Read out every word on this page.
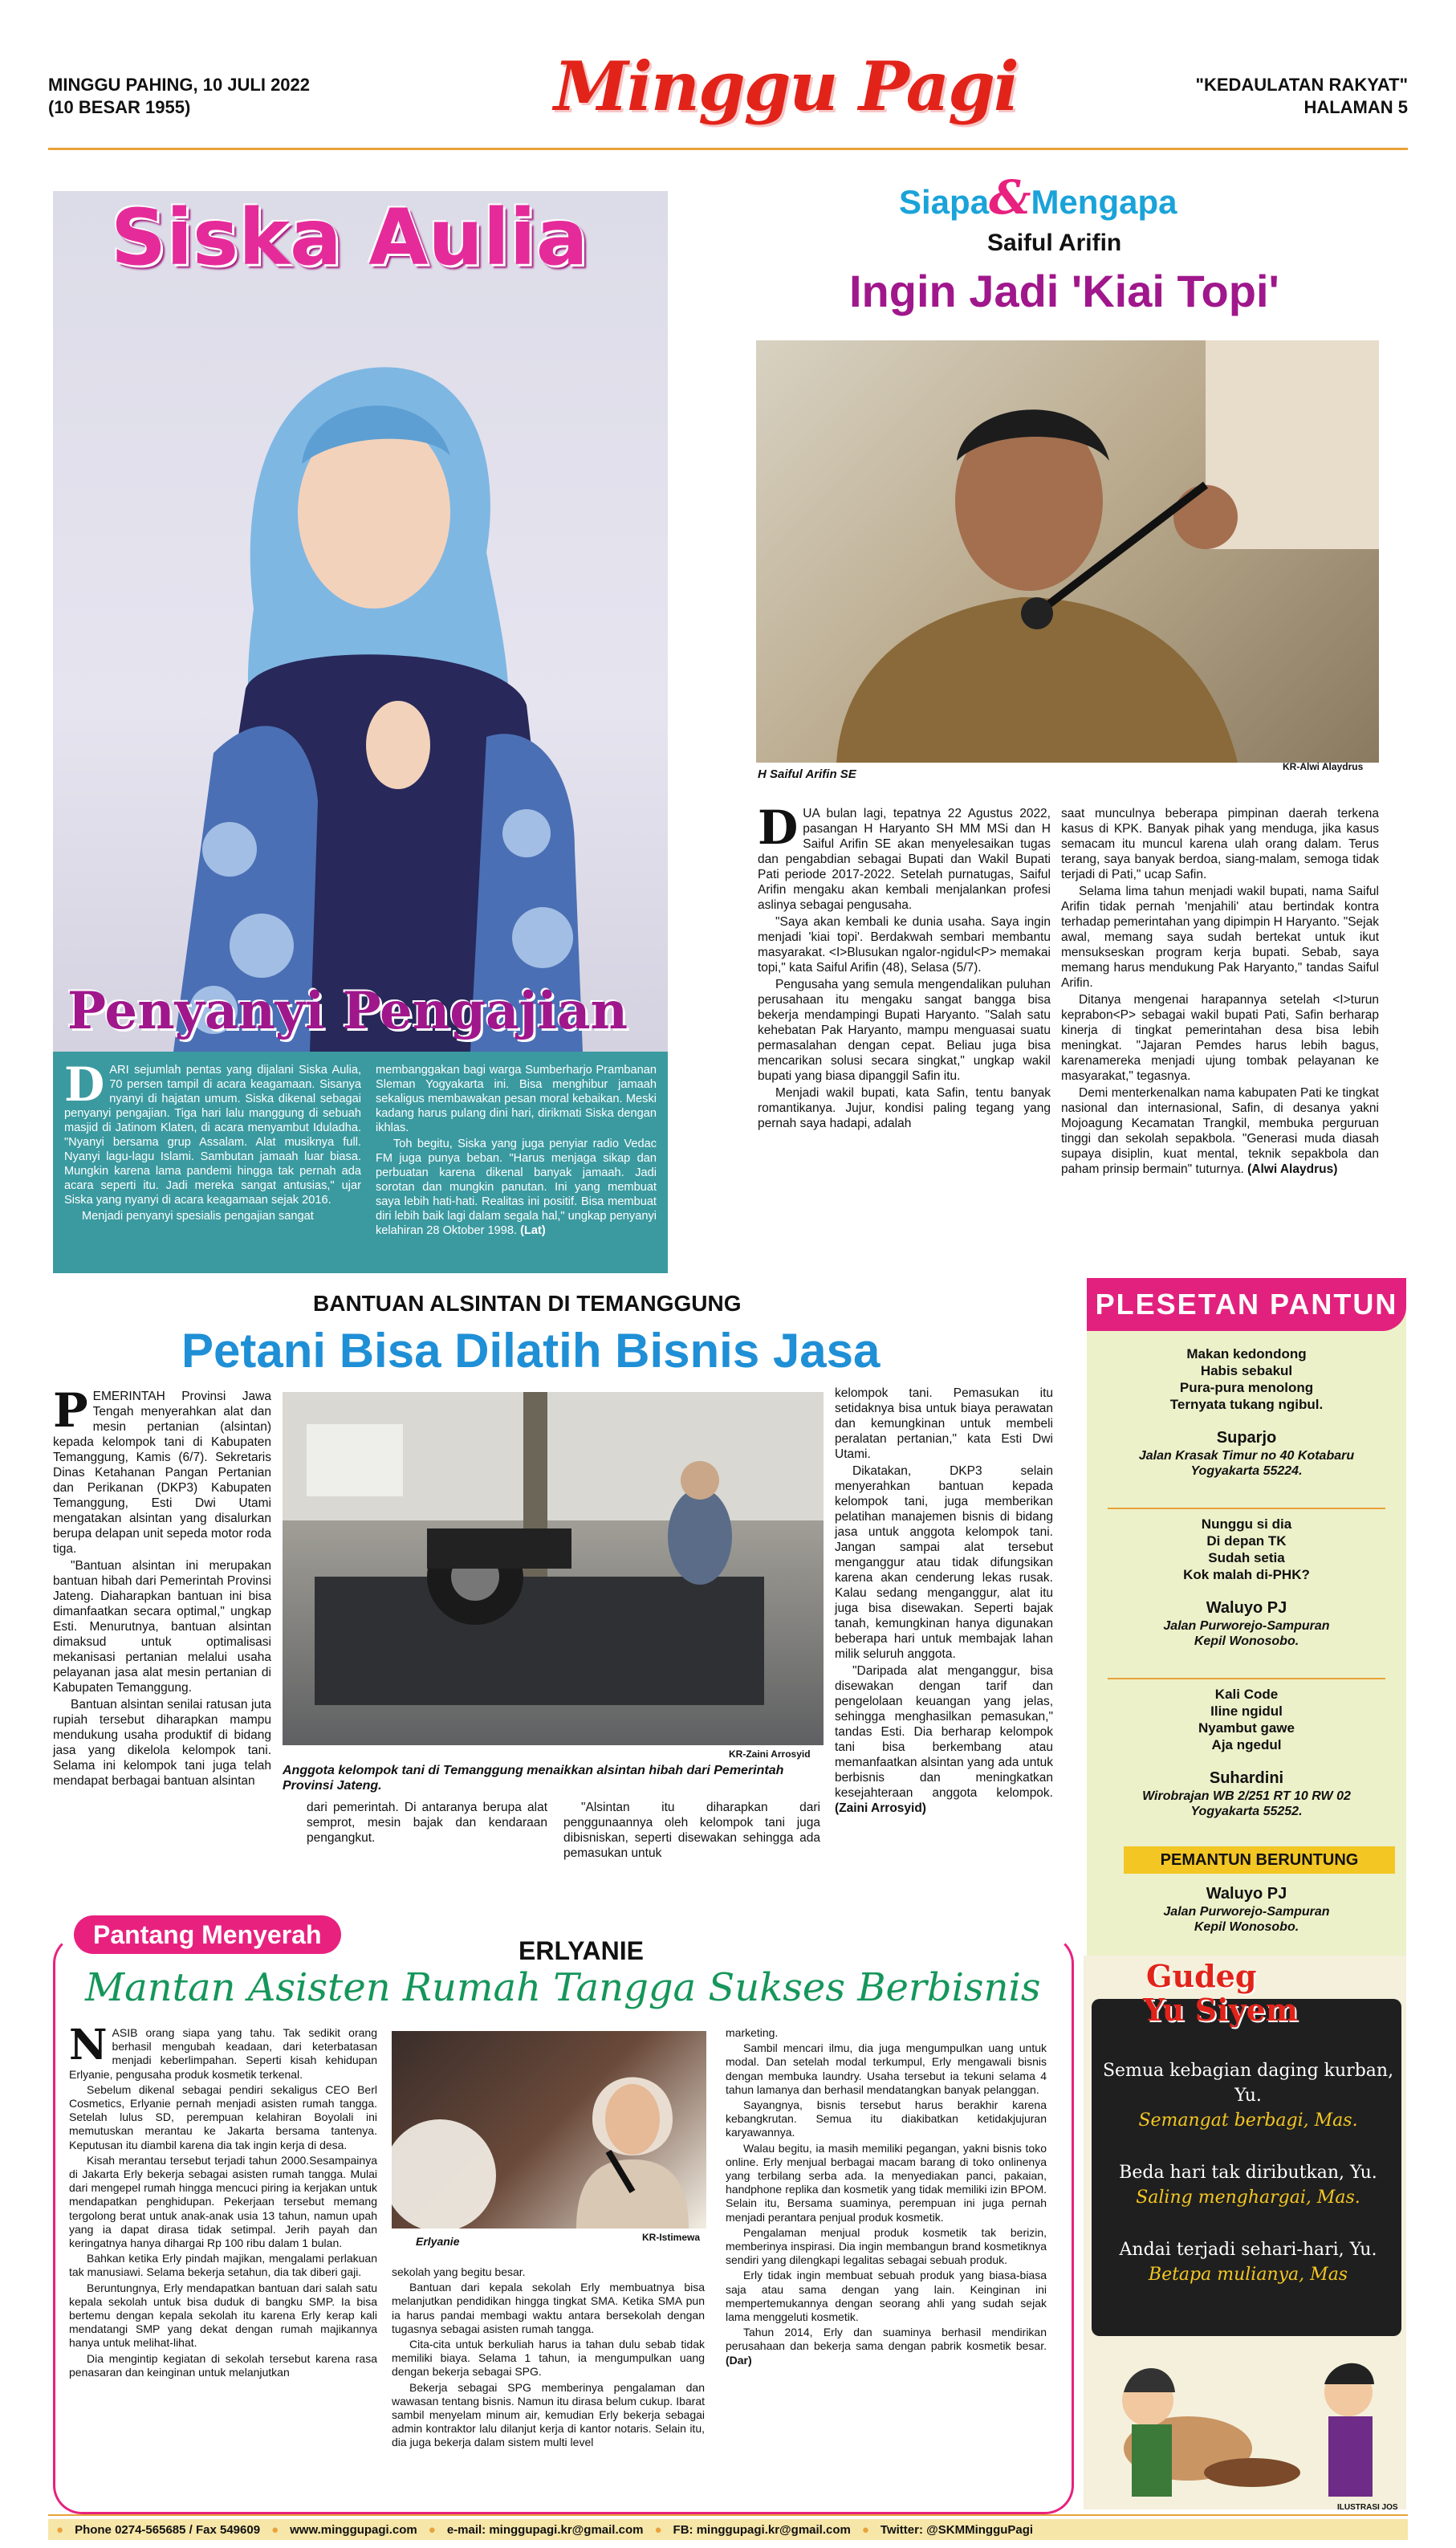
MINGGU PAHING, 10 JULI 2022
(10 BESAR 1955)	Minggu Pagi	"KEDAULATAN RAKYAT"
HALAMAN 5
Siska Aulia
Penyanyi Pengajian
D ARI sejumlah pentas yang dijalani Siska Aulia, 70 persen tampil di acara keagamaan. Sisanya nyanyi di hajatan umum. Siska dikenal sebagai penyanyi pengajian. Tiga hari lalu manggung di sebuah masjid di Jatinom Klaten, di acara menyambut Iduladha. "Nyanyi bersama grup Assalam. Alat musiknya full. Nyanyi lagu-lagu Islami. Sambutan jamaah luar biasa. Mungkin karena lama pandemi hingga tak pernah ada acara seperti itu. Jadi mereka sangat antusias," ujar Siska yang nyanyi di acara keagamaan sejak 2016.

Menjadi penyanyi spesialis pengajian sangat

membanggakan bagi warga Sumberharjo Prambanan Sleman Yogyakarta ini. Bisa menghibur jamaah sekaligus membawakan pesan moral kebaikan. Meski kadang harus pulang dini hari, dirikmati Siska dengan ikhlas.

Toh begitu, Siska yang juga penyiar radio Vedac FM juga punya beban. "Harus menjaga sikap dan perbuatan karena dikenal banyak jamaah. Jadi sorotan dan mungkin panutan. Ini yang membuat saya lebih hati-hati. Realitas ini positif. Bisa membuat diri lebih baik lagi dalam segala hal," ungkap penyanyi kelahiran 28 Oktober 1998. (Lat)

Siapa&Mengapa
Saiful Arifin
Ingin Jadi 'Kiai Topi'
H Saiful Arifin SE
KR-Alwi Alaydrus
D UA bulan lagi, tepatnya 22 Agustus 2022, pasangan H Haryanto SH MM MSi dan H Saiful Arifin SE akan menyelesaikan tugas dan pengabdian sebagai Bupati dan Wakil Bupati Pati periode 2017-2022. Setelah purnatugas, Saiful Arifin mengaku akan kembali menjalankan profesi aslinya sebagai pengusaha.

"Saya akan kembali ke dunia usaha. Saya ingin menjadi 'kiai topi'. Berdakwah sembari membantu masyarakat. <I>Blusukan ngalor-ngidul<P> memakai topi," kata Saiful Arifin (48), Selasa (5/7).

Pengusaha yang semula mengendalikan puluhan perusahaan itu mengaku sangat bangga bisa bekerja mendampingi Bupati Haryanto. "Salah satu kehebatan Pak Haryanto, mampu menguasai suatu permasalahan dengan cepat. Beliau juga bisa mencarikan solusi secara singkat," ungkap wakil bupati yang biasa dipanggil Safin itu.

Menjadi wakil bupati, kata Safin, tentu banyak romantikanya. Jujur, kondisi paling tegang yang pernah saya hadapi, adalah

saat munculnya beberapa pimpinan daerah terkena kasus di KPK. Banyak pihak yang menduga, jika kasus semacam itu muncul karena ulah orang dalam. Terus terang, saya banyak berdoa, siang-malam, semoga tidak terjadi di Pati," ucap Safin.

Selama lima tahun menjadi wakil bupati, nama Saiful Arifin tidak pernah 'menjahili' atau bertindak kontra terhadap pemerintahan yang dipimpin H Haryanto. "Sejak awal, memang saya sudah bertekat untuk ikut mensukseskan program kerja bupati. Sebab, saya memang harus mendukung Pak Haryanto," tandas Saiful Arifin.

Ditanya mengenai harapannya setelah <I>turun keprabon<P> sebagai wakil bupati Pati, Safin berharap kinerja di tingkat pemerintahan desa bisa lebih meningkat. "Jajaran Pemdes harus lebih bagus, karenamereka menjadi ujung tombak pelayanan ke masyarakat," tegasnya.

Demi menterkenalkan nama kabupaten Pati ke tingkat nasional dan internasional, Safin, di desanya yakni Mojoagung Kecamatan Trangkil, membuka perguruan tinggi dan sekolah sepakbola. "Generasi muda diasah supaya disiplin, kuat mental, teknik sepakbola dan paham prinsip bermain" tuturnya. (Alwi Alaydrus)

BANTUAN ALSINTAN DI TEMANGGUNG
Petani Bisa Dilatih Bisnis Jasa
P EMERINTAH Provinsi Jawa Tengah menyerahkan alat dan mesin pertanian (alsintan) kepada kelompok tani di Kabupaten Temanggung, Kamis (6/7). Sekretaris Dinas Ketahanan Pangan Pertanian dan Perikanan (DKP3) Kabupaten Temanggung, Esti Dwi Utami mengatakan alsintan yang disalurkan berupa delapan unit sepeda motor roda tiga.

"Bantuan alsintan ini merupakan bantuan hibah dari Pemerintah Provinsi Jateng. Diaharapkan bantuan ini bisa dimanfaatkan secara optimal," ungkap Esti. Menurutnya, bantuan alsintan dimaksud untuk optimalisasi mekanisasi pertanian melalui usaha pelayanan jasa alat mesin pertanian di Kabupaten Temanggung.

Bantuan alsintan senilai ratusan juta rupiah tersebut diharapkan mampu mendukung usaha produktif di bidang jasa yang dikelola kelompok tani. Selama ini kelompok tani juga telah mendapat berbagai bantuan alsintan

KR-Zaini Arrosyid
Anggota kelompok tani di Temanggung menaikkan alsintan hibah dari Pemerintah Provinsi Jateng.

dari pemerintah. Di antaranya berupa alat semprot, mesin bajak dan kendaraan pengangkut.

"Alsintan itu diharapkan dari penggunaannya oleh kelompok tani juga dibisniskan, seperti disewakan sehingga ada pemasukan untuk

kelompok tani. Pemasukan itu setidaknya bisa untuk biaya perawatan dan kemungkinan untuk membeli peralatan pertanian," kata Esti Dwi Utami.

Dikatakan, DKP3 selain menyerahkan bantuan kepada kelompok tani, juga memberikan pelatihan manajemen bisnis di bidang jasa untuk anggota kelompok tani. Jangan sampai alat tersebut menganggur atau tidak difungsikan karena akan cenderung lekas rusak. Kalau sedang menganggur, alat itu juga bisa disewakan. Seperti bajak tanah, kemungkinan hanya digunakan beberapa hari untuk membajak lahan milik seluruh anggota.

"Daripada alat menganggur, bisa disewakan dengan tarif dan pengelolaan keuangan yang jelas, sehingga menghasilkan pemasukan," tandas Esti. Dia berharap kelompok tani bisa berkembang atau memanfaatkan alsintan yang ada untuk berbisnis dan meningkatkan kesejahteraan anggota kelompok. (Zaini Arrosyid)

PLESETAN PANTUN

Makan kedondong

Habis sebakul

Pura-pura menolong

Ternyata tukang ngibul.

Suparjo

Jalan Krasak Timur no 40 Kotabaru

Yogyakarta 55224.

Nunggu si dia

Di depan TK

Sudah setia

Kok malah di-PHK?

Waluyo PJ

Jalan Purworejo-Sampuran

Kepil Wonosobo.

Kali Code

Iline ngidul

Nyambut gawe

Aja ngedul

Suhardini

Wirobrajan WB 2/251 RT 10 RW 02

Yogyakarta 55252.

PEMANTUN BERUNTUNG

Waluyo PJ

Jalan Purworejo-Sampuran

Kepil Wonosobo.

Gudeg
Yu Siyem

Semua kebagian daging kurban, Yu.

Semangat berbagi, Mas.

Beda hari tak diributkan, Yu.

Saling menghargai, Mas.

Andai terjadi sehari-hari, Yu.

Betapa mulianya, Mas

ILUSTRASI JOS
Pantang Menyerah
ERLYANIE
Mantan Asisten Rumah Tangga Sukses Berbisnis
N ASIB orang siapa yang tahu. Tak sedikit orang berhasil mengubah keadaan, dari keterbatasan menjadi keberlimpahan. Seperti kisah kehidupan Erlyanie, pengusaha produk kosmetik terkenal.

Sebelum dikenal sebagai pendiri sekaligus CEO Berl Cosmetics, Erlyanie pernah menjadi asisten rumah tangga. Setelah lulus SD, perempuan kelahiran Boyolali ini memutuskan merantau ke Jakarta bersama tantenya. Keputusan itu diambil karena dia tak ingin kerja di desa.

Kisah merantau tersebut terjadi tahun 2000.Sesampainya di Jakarta Erly bekerja sebagai asisten rumah tangga. Mulai dari mengepel rumah hingga mencuci piring ia kerjakan untuk mendapatkan penghidupan. Pekerjaan tersebut memang tergolong berat untuk anak-anak usia 13 tahun, namun upah yang ia dapat dirasa tidak setimpal. Jerih payah dan keringatnya hanya dihargai Rp 100 ribu dalam 1 bulan.

Bahkan ketika Erly pindah majikan, mengalami perlakuan tak manusiawi. Selama bekerja setahun, dia tak diberi gaji.

Beruntungnya, Erly mendapatkan bantuan dari salah satu kepala sekolah untuk bisa duduk di bangku SMP. Ia bisa bertemu dengan kepala sekolah itu karena Erly kerap kali mendatangi SMP yang dekat dengan rumah majikannya hanya untuk melihat-lihat.

Dia mengintip kegiatan di sekolah tersebut karena rasa penasaran dan keinginan untuk melanjutkan

Erlyanie	KR-Istimewa

sekolah yang begitu besar.

Bantuan dari kepala sekolah Erly membuatnya bisa melanjutkan pendidikan hingga tingkat SMA. Ketika SMA pun ia harus pandai membagi waktu antara bersekolah dengan tugasnya sebagai asisten rumah tangga.

Cita-cita untuk berkuliah harus ia tahan dulu sebab tidak memiliki biaya. Selama 1 tahun, ia mengumpulkan uang dengan bekerja sebagai SPG.

Bekerja sebagai SPG memberinya pengalaman dan wawasan tentang bisnis. Namun itu dirasa belum cukup. Ibarat sambil menyelam minum air, kemudian Erly bekerja sebagai admin kontraktor lalu dilanjut kerja di kantor notaris. Selain itu, dia juga bekerja dalam sistem multi level

marketing.

Sambil mencari ilmu, dia juga mengumpulkan uang untuk modal. Dan setelah modal terkumpul, Erly mengawali bisnis dengan membuka laundry. Usaha tersebut ia tekuni selama 4 tahun lamanya dan berhasil mendatangkan banyak pelanggan.

Sayangnya, bisnis tersebut harus berakhir karena kebangkrutan. Semua itu diakibatkan ketidakjujuran karyawannya.

Walau begitu, ia masih memiliki pegangan, yakni bisnis toko online. Erly menjual berbagai macam barang di toko onlinenya yang terbilang serba ada. Ia menyediakan panci, pakaian, handphone replika dan kosmetik yang tidak memiliki izin BPOM. Selain itu, Bersama suaminya, perempuan ini juga pernah menjadi perantara penjual produk kosmetik.

Pengalaman menjual produk kosmetik tak berizin, memberinya inspirasi. Dia ingin membangun brand kosmetiknya sendiri yang dilengkapi legalitas sebagai sebuah produk.

Erly tidak ingin membuat sebuah produk yang biasa-biasa saja atau sama dengan yang lain. Keinginan ini mempertemukannya dengan seorang ahli yang sudah sejak lama menggeluti kosmetik.

Tahun 2014, Erly dan suaminya berhasil mendirikan perusahaan dan bekerja sama dengan pabrik kosmetik besar. (Dar)

● Phone 0274-565685 / Fax 549609 ● www.minggupagi.com ● e-mail: minggupagi.kr@gmail.com ● FB: minggupagi.kr@gmail.com ● Twitter: @SKMMingguPagi
